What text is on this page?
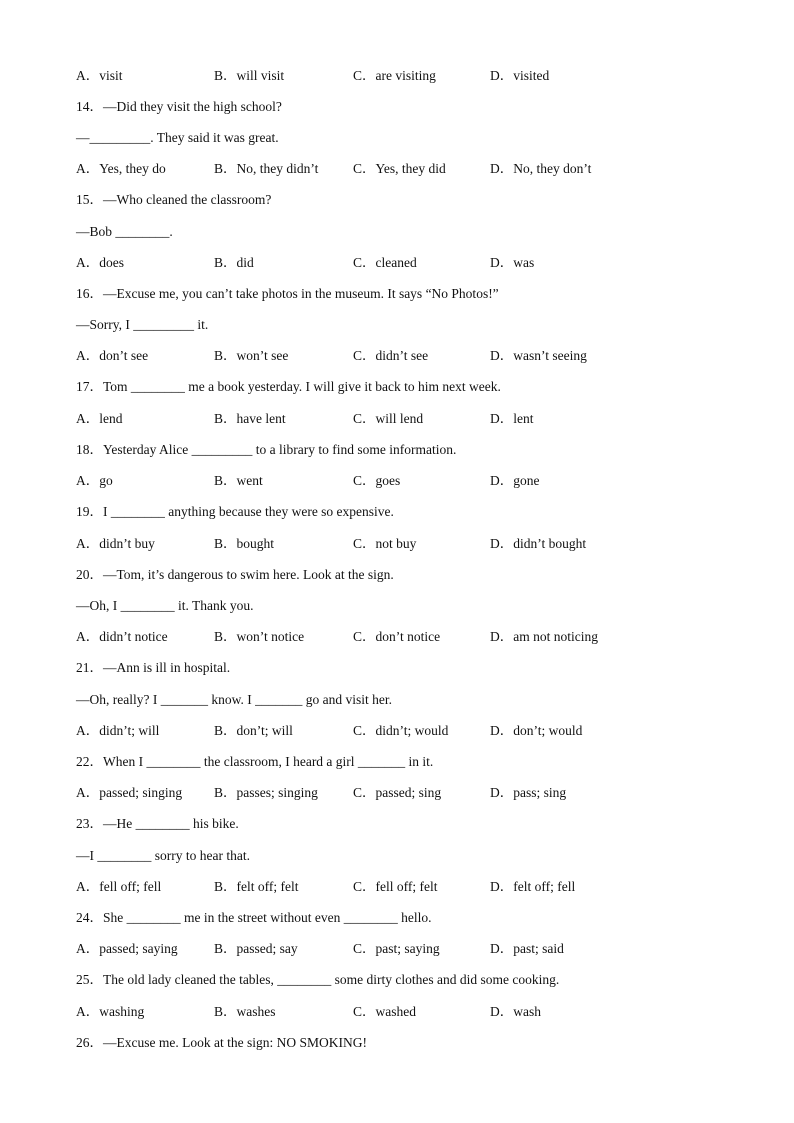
A．visit	B．will visit	C．are visiting	D．visited
14．—Did they visit the high school?
—_________. They said it was great.
A．Yes, they do	B．No, they didn’t	C．Yes, they did	D．No, they don’t
15．—Who cleaned the classroom?
—Bob ________.
A．does	B．did	C．cleaned	D．was
16．—Excuse me, you can’t take photos in the museum. It says “No Photos!”
—Sorry, I _________ it.
A．don’t see	B．won’t see	C．didn’t see	D．wasn’t seeing
17．Tom ________ me a book yesterday. I will give it back to him next week.
A．lend	B．have lent	C．will lend	D．lent
18．Yesterday Alice _________ to a library to find some information.
A．go	B．went	C．goes	D．gone
19．I ________ anything because they were so expensive.
A．didn’t buy	B．bought	C．not buy	D．didn’t bought
20．—Tom, it’s dangerous to swim here. Look at the sign.
—Oh, I ________ it. Thank you.
A．didn’t notice	B．won’t notice	C．don’t notice	D．am not noticing
21．—Ann is ill in hospital.
—Oh, really? I _______ know. I _______ go and visit her.
A．didn’t; will	B．don’t; will	C．didn’t; would	D．don’t; would
22．When I ________ the classroom, I heard a girl _______ in it.
A．passed; singing B．passes; singing	C．passed; sing	D．pass; sing
23．—He ________ his bike.
—I ________ sorry to hear that.
A．fell off; fell	B．felt off; felt	C．fell off; felt	D．felt off; fell
24．She ________ me in the street without even ________ hello.
A．passed; saying	B．passed; say	C．past; saying	D．past; said
25．The old lady cleaned the tables, ________ some dirty clothes and did some cooking.
A．washing	B．washes	C．washed	D．wash
26．—Excuse me. Look at the sign: NO SMOKING!
